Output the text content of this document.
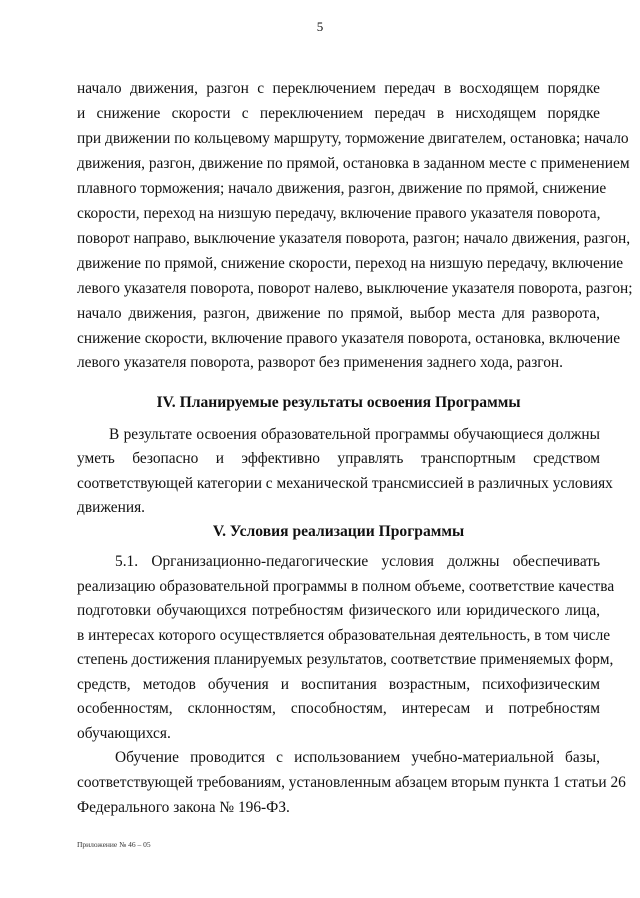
5
начало движения, разгон с переключением передач в восходящем порядке
и снижение скорости с переключением передач в нисходящем порядке
при движении по кольцевому маршруту, торможение двигателем, остановка; начало
движения, разгон, движение по прямой, остановка в заданном месте с применением
плавного торможения; начало движения, разгон, движение по прямой, снижение
скорости, переход на низшую передачу, включение правого указателя поворота,
поворот направо, выключение указателя поворота, разгон; начало движения, разгон,
движение по прямой, снижение скорости, переход на низшую передачу, включение
левого указателя поворота, поворот налево, выключение указателя поворота, разгон;
начало движения, разгон, движение по прямой, выбор места для разворота,
снижение скорости, включение правого указателя поворота, остановка, включение
левого указателя поворота, разворот без применения заднего хода, разгон.
IV. Планируемые результаты освоения Программы
В результате освоения образовательной программы обучающиеся должны
уметь безопасно и эффективно управлять транспортным средством
соответствующей категории с механической трансмиссией в различных условиях
движения.
V. Условия реализации Программы
5.1. Организационно-педагогические условия должны обеспечивать
реализацию образовательной программы в полном объеме, соответствие качества
подготовки обучающихся потребностям физического или юридического лица,
в интересах которого осуществляется образовательная деятельность, в том числе
степень достижения планируемых результатов, соответствие применяемых форм,
средств, методов обучения и воспитания возрастным, психофизическим
особенностям, склонностям, способностям, интересам и потребностям
обучающихся.
Обучение проводится с использованием учебно-материальной базы,
соответствующей требованиям, установленным абзацем вторым пункта 1 статьи 26
Федерального закона № 196-ФЗ.
Приложение № 46 – 05
